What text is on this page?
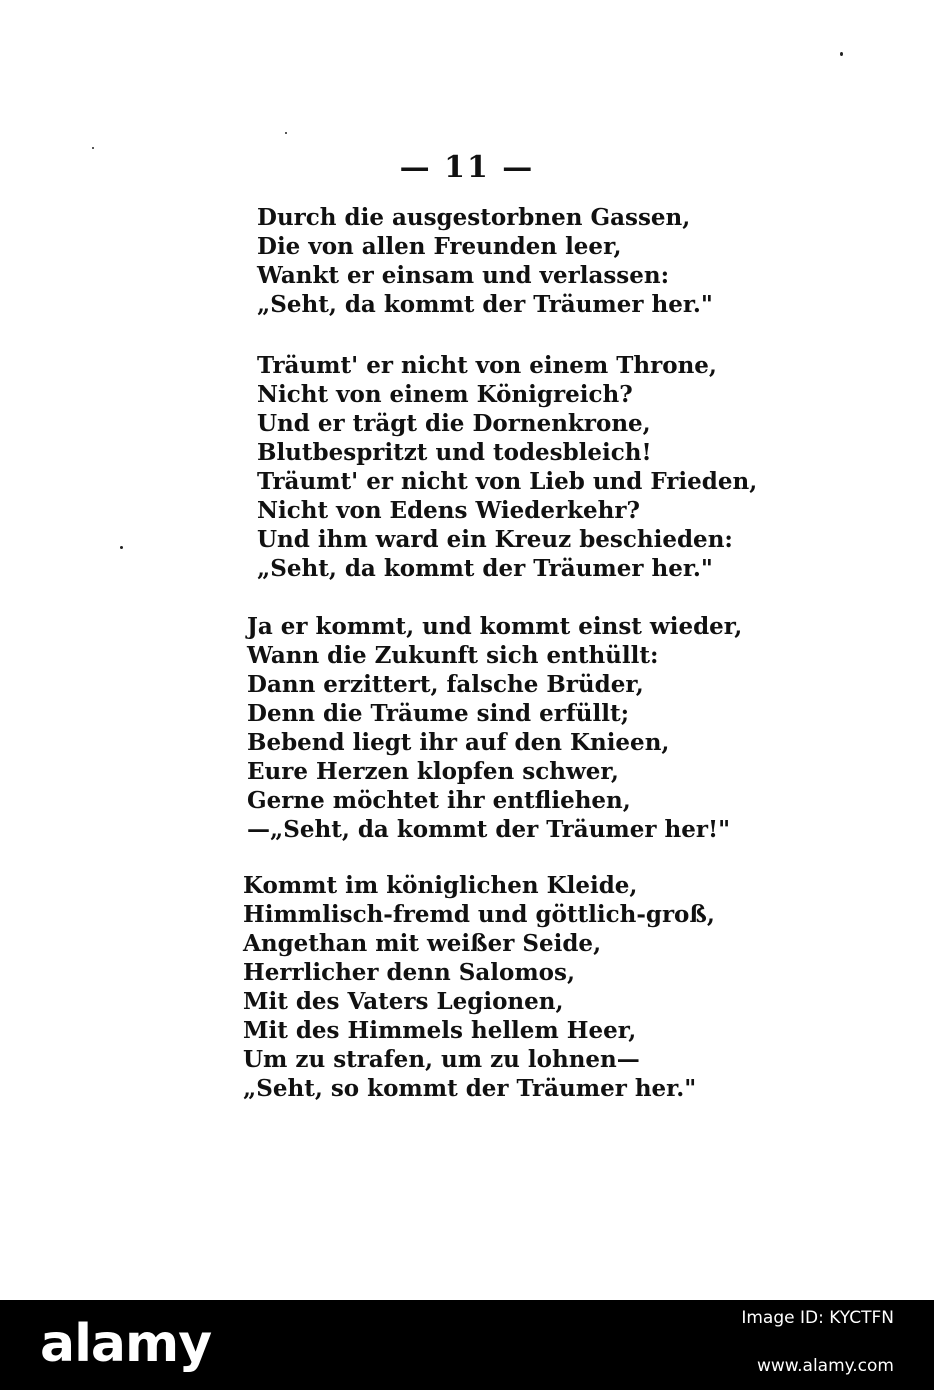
— 11 —
Durch die ausgestorbnen Gassen,
Die von allen Freunden leer,
Wankt er einsam und verlassen:
„Seht, da kommt der Träumer her."
Träumt' er nicht von einem Throne,
Nicht von einem Königreich?
Und er trägt die Dornenkrone,
Blutbespritzt und todesbleich!
Träumt' er nicht von Lieb und Frieden,
Nicht von Edens Wiederkehr?
Und ihm ward ein Kreuz beschieden:
„Seht, da kommt der Träumer her."
Ja er kommt, und kommt einst wieder,
Wann die Zukunft sich enthüllt:
Dann erzittert, falsche Brüder,
Denn die Träume sind erfüllt;
Bebend liegt ihr auf den Knieen,
Eure Herzen klopfen schwer,
Gerne möchtet ihr entfliehen,
—„Seht, da kommt der Träumer her!"
Kommt im königlichen Kleide,
Himmlisch-fremd und göttlich-groß,
Angethan mit weißer Seide,
Herrlicher denn Salomos,
Mit des Vaters Legionen,
Mit des Himmels hellem Heer,
Um zu strafen, um zu lohnen—
„Seht, so kommt der Träumer her."
alamy	Image ID: KYCTFN
www.alamy.com
